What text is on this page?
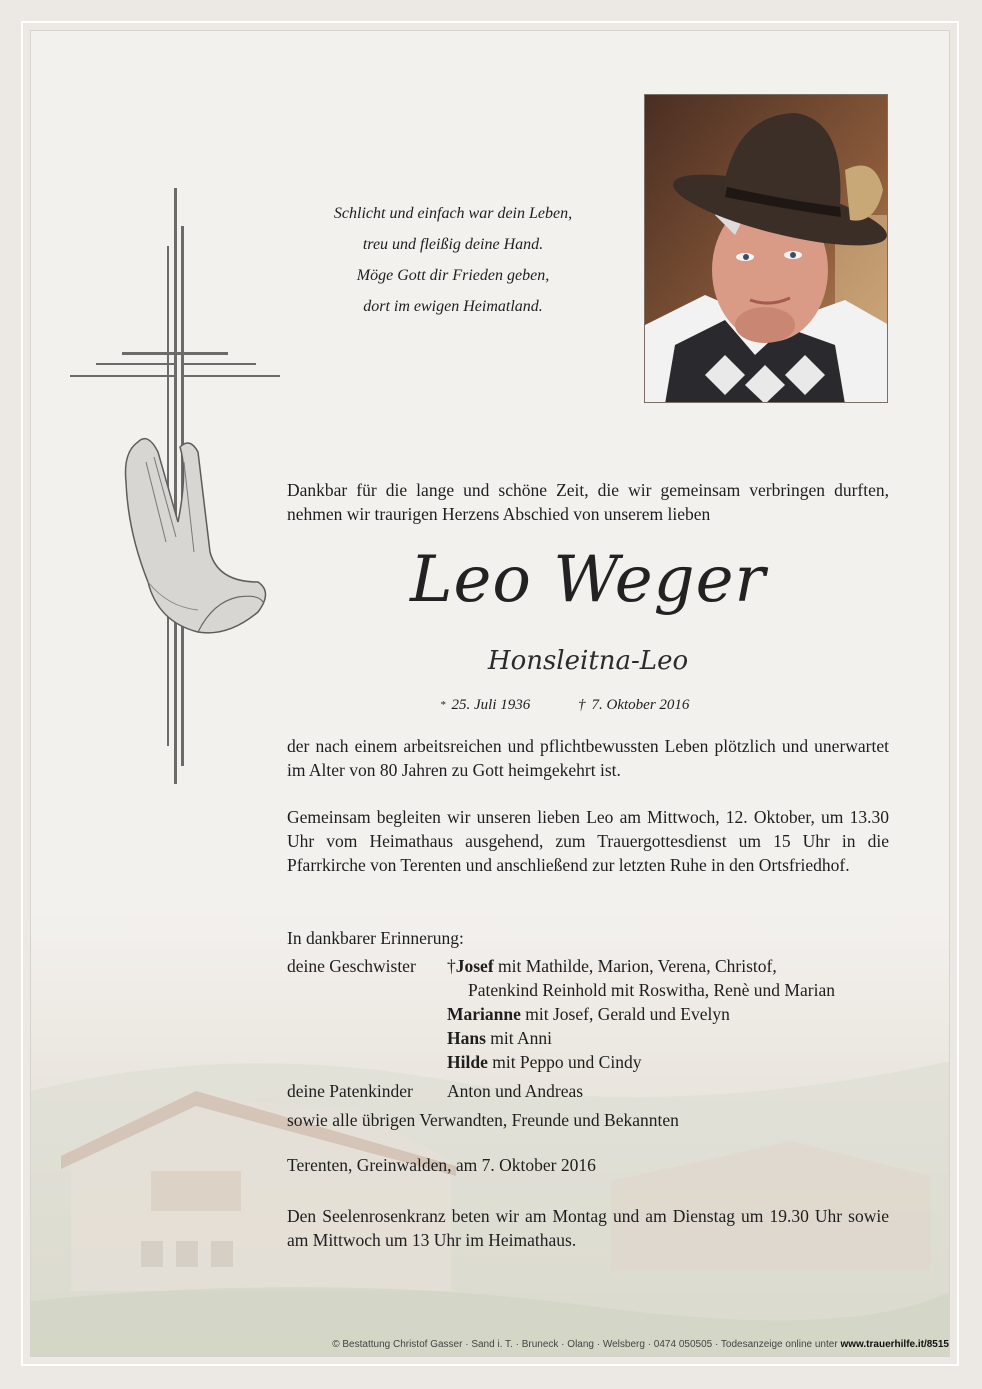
Schlicht und einfach war dein Leben,
treu und fleißig deine Hand.
Möge Gott dir Frieden geben,
dort im ewigen Heimatland.
Dankbar für die lange und schöne Zeit, die wir gemeinsam verbringen durften, nehmen wir traurigen Herzens Abschied von unserem lieben
Leo Weger
Honsleitna-Leo
* 25. Juli 1936	† 7. Oktober 2016
der nach einem arbeitsreichen und pflichtbewussten Leben plötzlich und unerwartet im Alter von 80 Jahren zu Gott heimgekehrt ist.
Gemeinsam begleiten wir unseren lieben Leo am Mittwoch, 12. Oktober, um 13.30 Uhr vom Heimathaus ausgehend, zum Trauergottesdienst um 15 Uhr in die Pfarrkirche von Terenten und anschließend zur letzten Ruhe in den Ortsfriedhof.
In dankbarer Erinnerung:
deine Geschwister †Josef mit Mathilde, Marion, Verena, Christof,
Patenkind Reinhold mit Roswitha, Renè und Marian
Marianne mit Josef, Gerald und Evelyn
Hans mit Anni
Hilde mit Peppo und Cindy
deine Patenkinder Anton und Andreas
sowie alle übrigen Verwandten, Freunde und Bekannten
Terenten, Greinwalden, am 7. Oktober 2016
Den Seelenrosenkranz beten wir am Montag und am Dienstag um 19.30 Uhr sowie am Mittwoch um 13 Uhr im Heimathaus.
© Bestattung Christof Gasser · Sand i. T. · Bruneck · Olang · Welsberg · 0474 050505 · Todesanzeige online unter www.trauerhilfe.it/8515
